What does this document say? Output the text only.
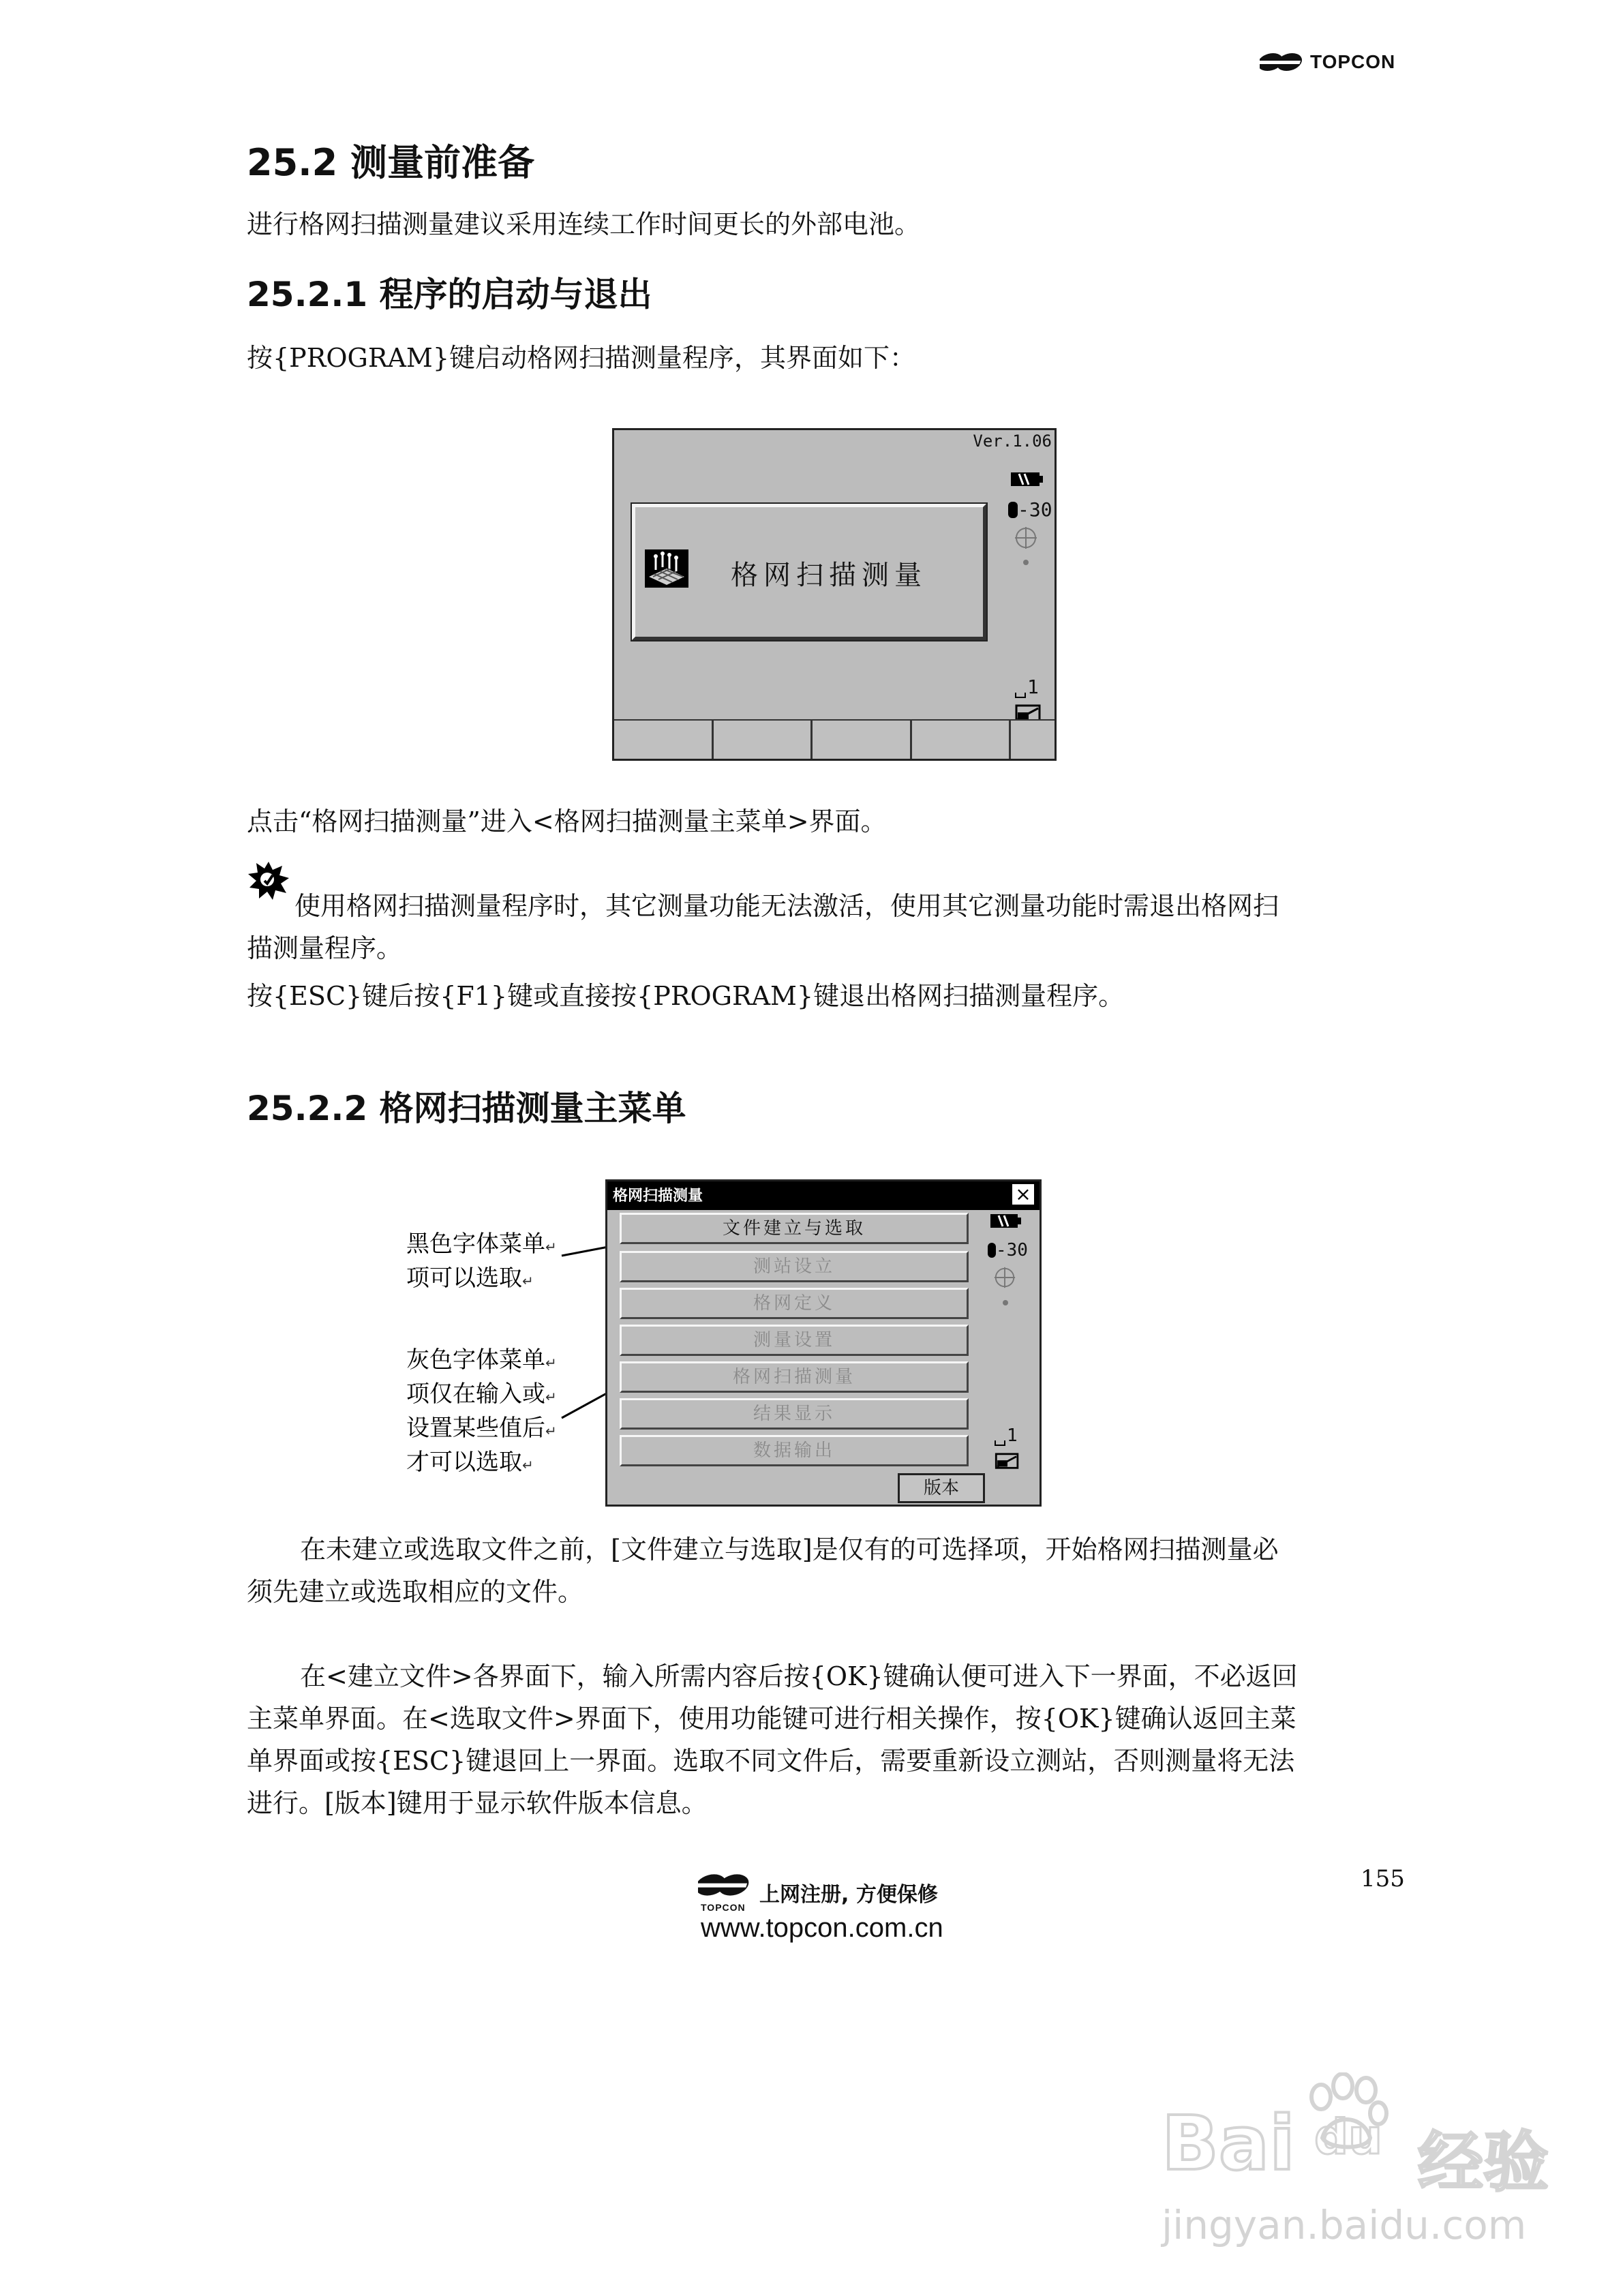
TOPCON
25.2 测量前准备
进行格网扫描测量建议采用连续工作时间更长的外部电池。
25.2.1 程序的启动与退出
按{PROGRAM}键启动格网扫描测量程序，其界面如下：
Ver.1.06
格网扫描测量
-30
1
点击“格网扫描测量”进入<格网扫描测量主菜单>界面。
使用格网扫描测量程序时，其它测量功能无法激活，使用其它测量功能时需退出格网扫
描测量程序。
按{ESC}键后按{F1}键或直接按{PROGRAM}键退出格网扫描测量程序。
25.2.2 格网扫描测量主菜单
黑色字体菜单↵
项可以选取↵
灰色字体菜单↵
项仅在输入或↵
设置某些值后↵
才可以选取↵
格网扫描测量	×
文件建立与选取
测站设立
格网定义
测量设置
格网扫描测量
结果显示
数据输出
版本
-30
1
在未建立或选取文件之前，[文件建立与选取]是仅有的可选择项，开始格网扫描测量必
须先建立或选取相应的文件。
在<建立文件>各界面下，输入所需内容后按{OK}键确认便可进入下一界面，不必返回
主菜单界面。在<选取文件>界面下，使用功能键可进行相关操作，按{OK}键确认返回主菜
单界面或按{ESC}键退回上一界面。选取不同文件后，需要重新设立测站，否则测量将无法
进行。[版本]键用于显示软件版本信息。
155
TOPCON
上网注册, 方便保修
www.topcon.com.cn
Bai du 经验
jingyan.baidu.com
